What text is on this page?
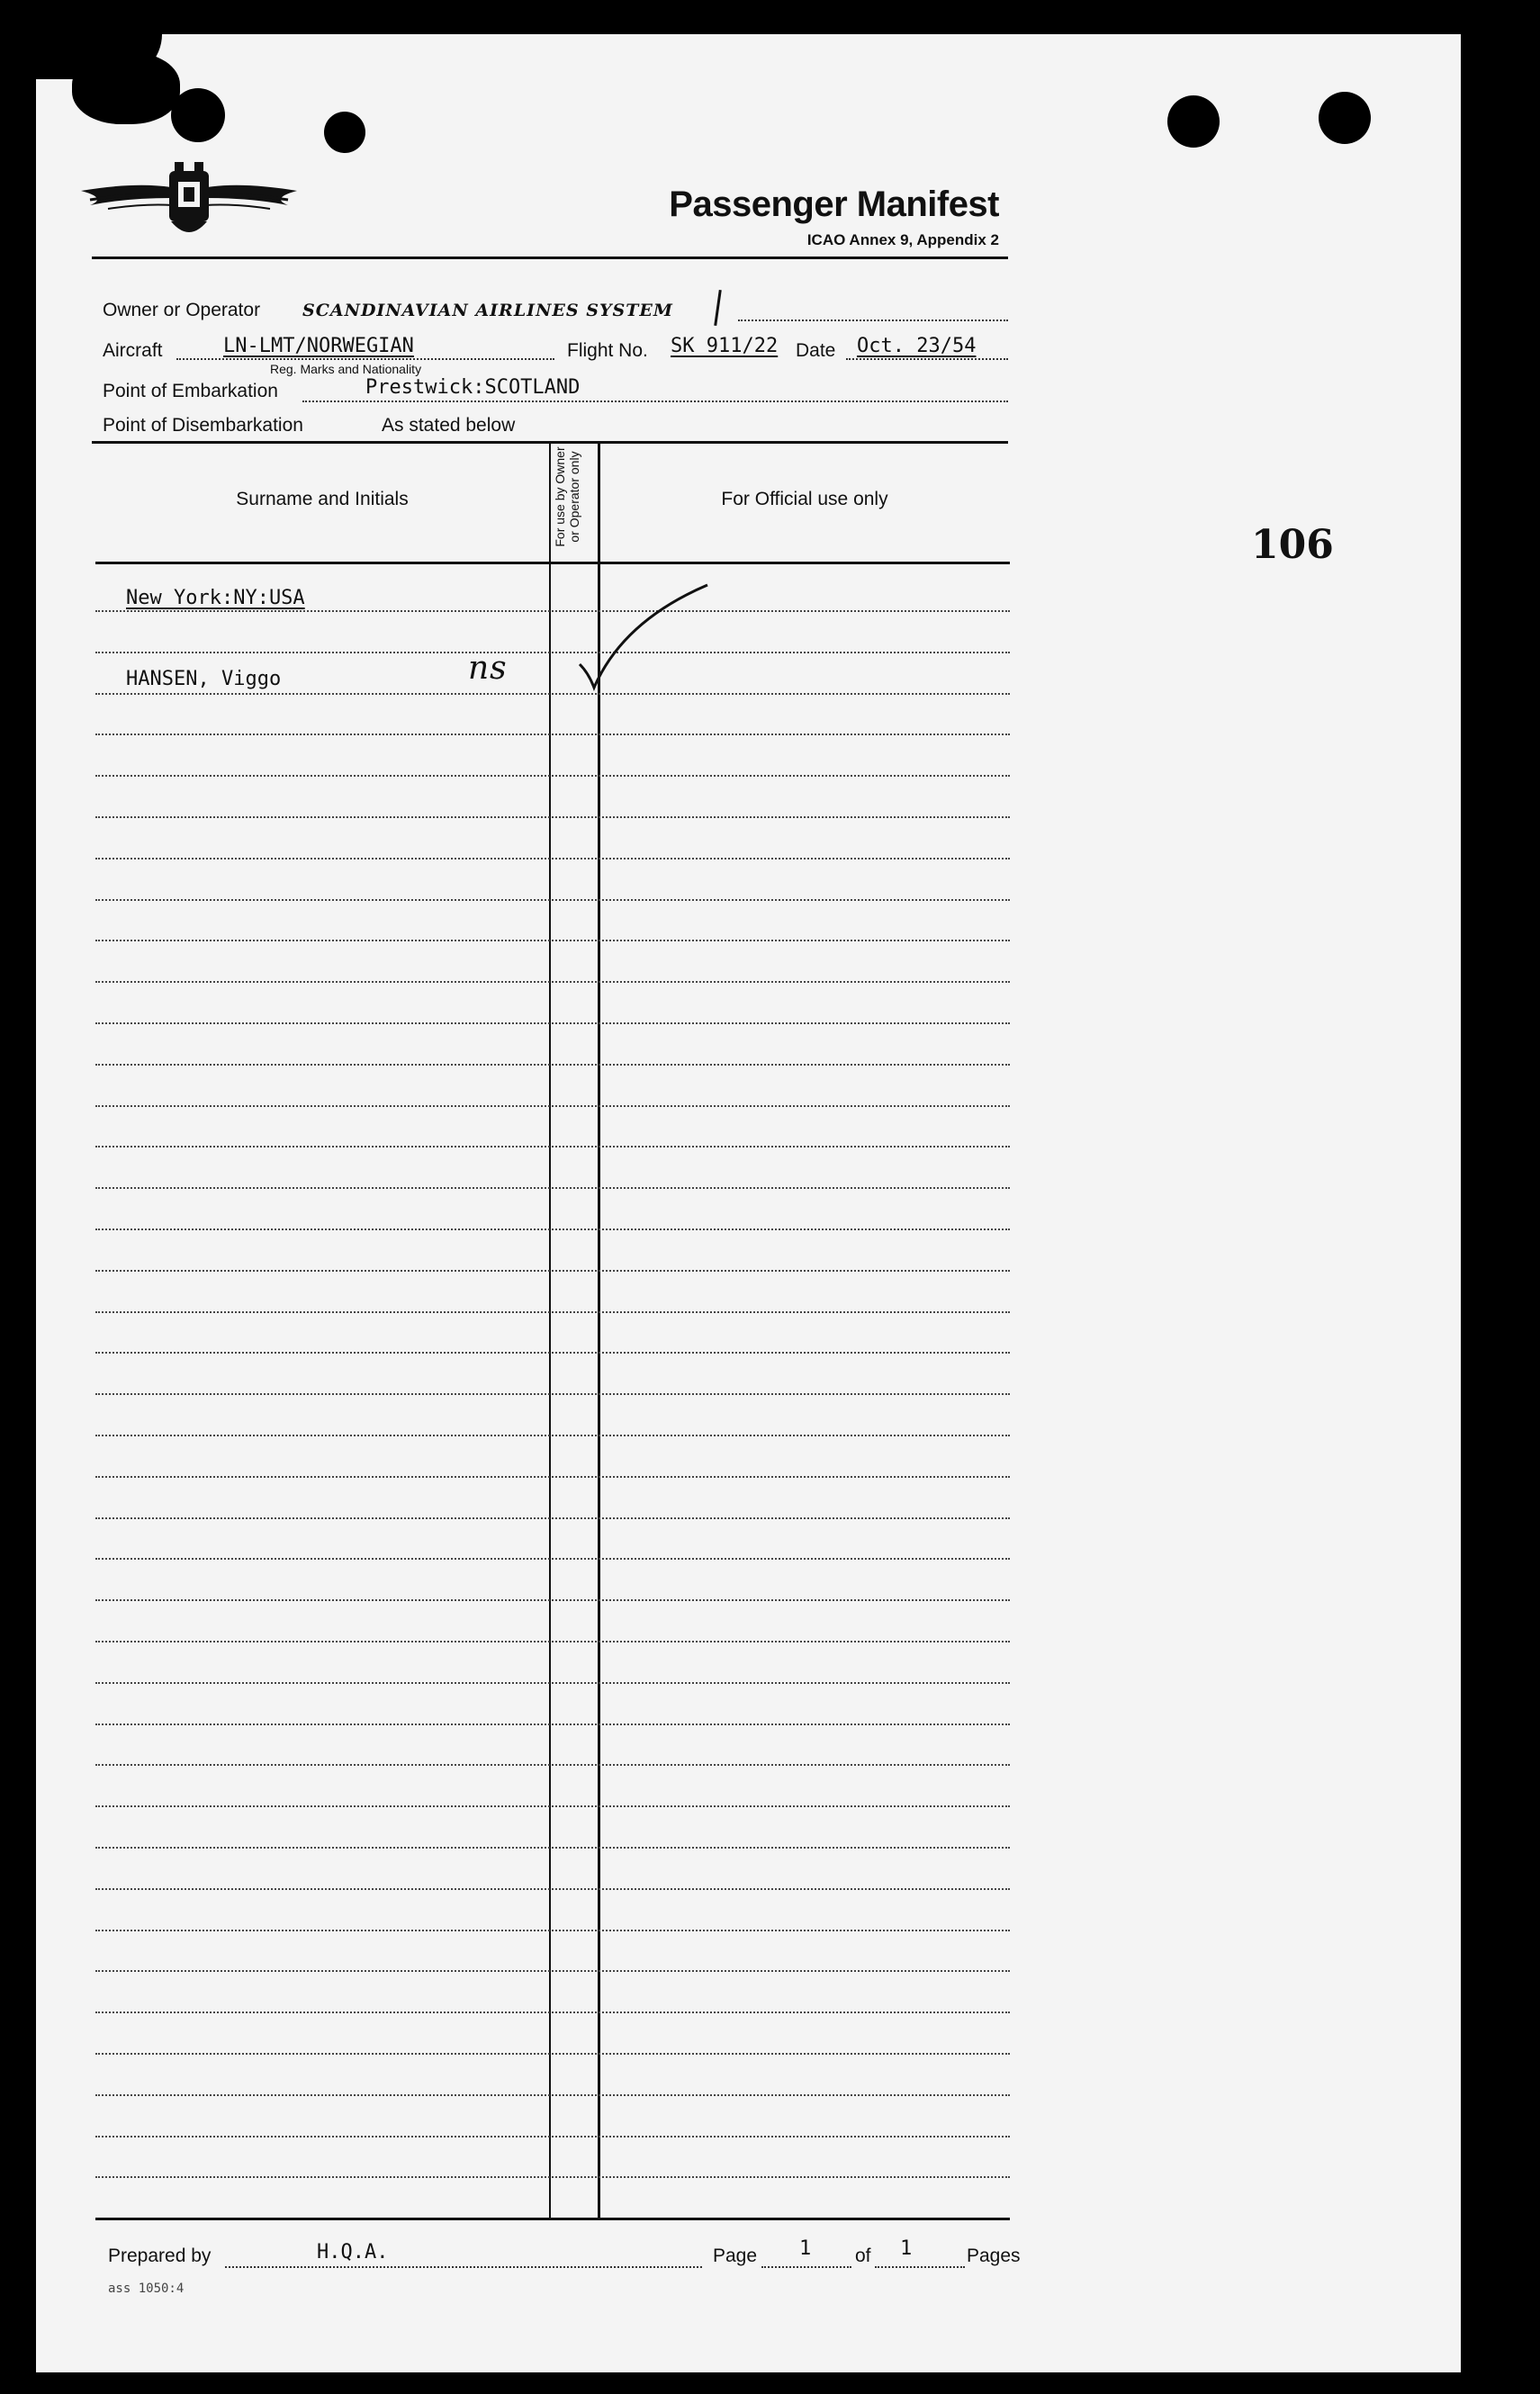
Passenger Manifest
ICAO Annex 9, Appendix 2
Owner or Operator SCANDINAVIAN AIRLINES SYSTEM
Aircraft	LN-LMT/NORWEGIAN
Reg. Marks and Nationality
Flight No. SK 911/22 Date Oct. 23/54
Point of Embarkation	Prestwick:SCOTLAND
Point of Disembarkation	As stated below
Surname and Initials	For use by Owner or Operator only	For Official use only
New York:NY:USA
HANSEN, Viggo	ns
106
Prepared by	H.Q.A.	Page 1 of 1	Pages
ass 1050:4
